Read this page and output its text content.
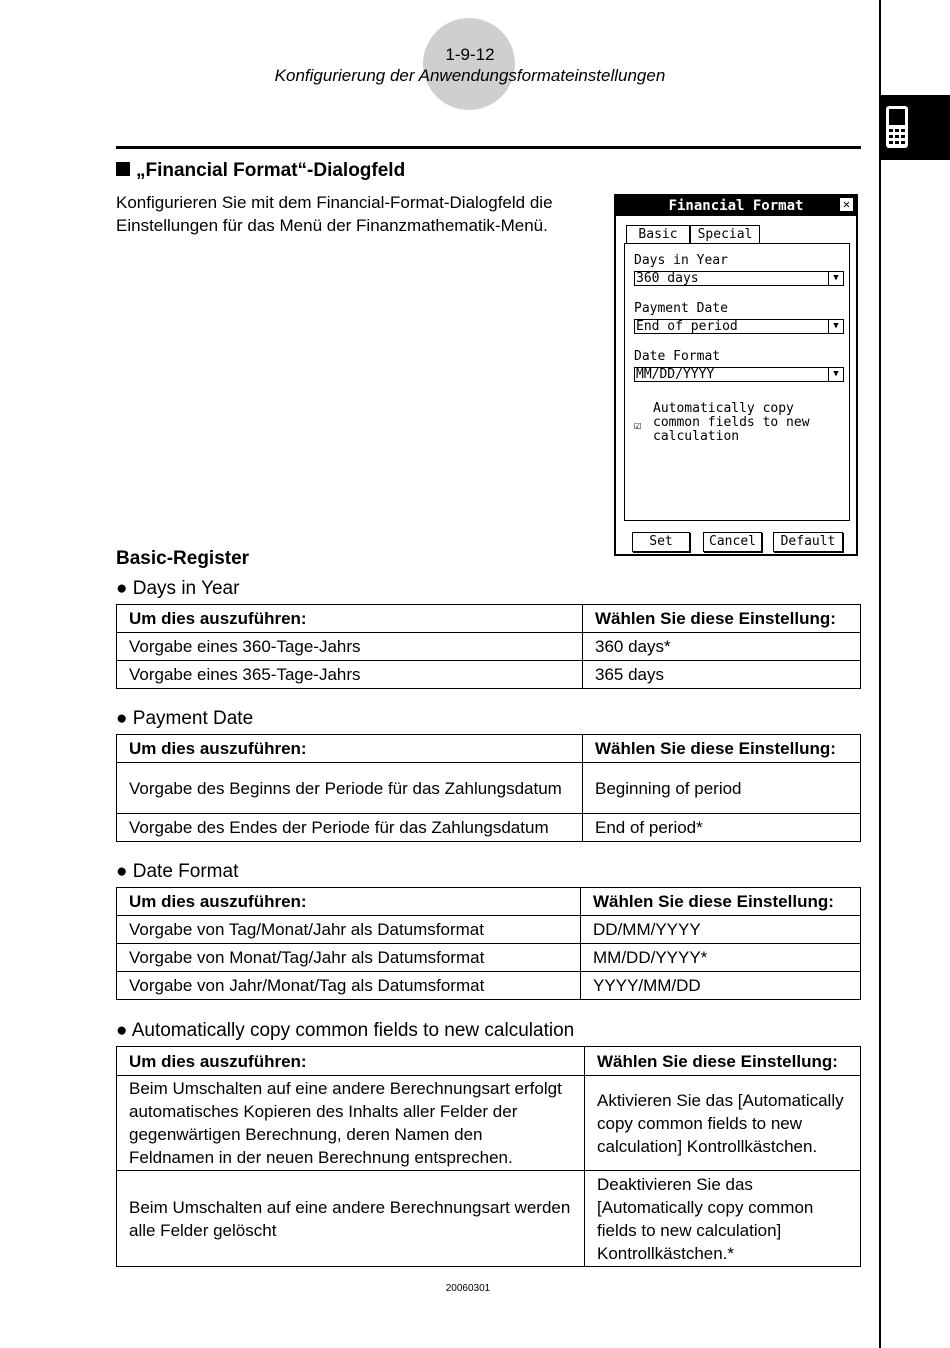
1-9-12
Konfigurierung der Anwendungsformateinstellungen
„Financial Format“-Dialogfeld
Konfigurieren Sie mit dem Financial-Format-Dialogfeld die Einstellungen für das Menü der Finanzmathematik-Menü.
Financial Format	✕
Basic	Special
Days in Year
360 days	▼
Payment Date
End of period	▼
Date Format
MM/DD/YYYY	▼
☑
Automatically copy
common fields to new
calculation
Set	Cancel	Default
Basic-Register
● Days in Year
Um dies auszuführen:	Wählen Sie diese Einstellung:
Vorgabe eines 360-Tage-Jahrs	360 days*
Vorgabe eines 365-Tage-Jahrs	365 days
● Payment Date
Um dies auszuführen:	Wählen Sie diese Einstellung:
Vorgabe des Beginns der Periode für das Zahlungsdatum	Beginning of period
Vorgabe des Endes der Periode für das Zahlungsdatum	End of period*
● Date Format
Um dies auszuführen:	Wählen Sie diese Einstellung:
Vorgabe von Tag/Monat/Jahr als Datumsformat	DD/MM/YYYY
Vorgabe von Monat/Tag/Jahr als Datumsformat	MM/DD/YYYY*
Vorgabe von Jahr/Monat/Tag als Datumsformat	YYYY/MM/DD
● Automatically copy common fields to new calculation
Um dies auszuführen:	Wählen Sie diese Einstellung:
Beim Umschalten auf eine andere Berechnungsart erfolgt automatisches Kopieren des Inhalts aller Felder der gegenwärtigen Berechnung, deren Namen den Feldnamen in der neuen Berechnung entsprechen.	Aktivieren Sie das [Automatically copy common fields to new calculation] Kontrollkästchen.
Beim Umschalten auf eine andere Berechnungsart werden alle Felder gelöscht	Deaktivieren Sie das [Automatically copy common fields to new calculation] Kontrollkästchen.*
20060301
